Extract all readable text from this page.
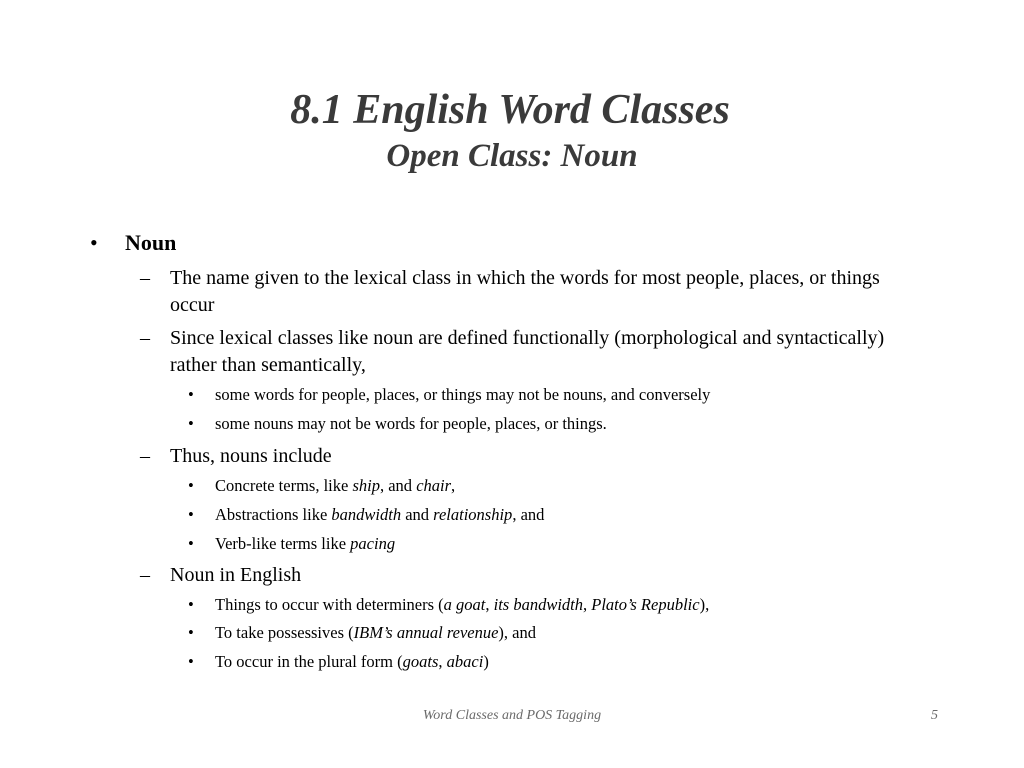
8.1 English Word Classes
Open Class: Noun
• Noun
– The name given to the lexical class in which the words for most people, places, or things occur
– Since lexical classes like noun are defined functionally (morphological and syntactically) rather than semantically,
• some words for people, places, or things may not be nouns, and conversely
• some nouns may not be words for people, places, or things.
– Thus, nouns include
• Concrete terms, like ship, and chair,
• Abstractions like bandwidth and relationship, and
• Verb-like terms like pacing
– Noun in English
• Things to occur with determiners (a goat, its bandwidth, Plato’s Republic),
• To take possessives (IBM’s annual revenue), and
• To occur in the plural form (goats, abaci)
Word Classes and POS Tagging	5
